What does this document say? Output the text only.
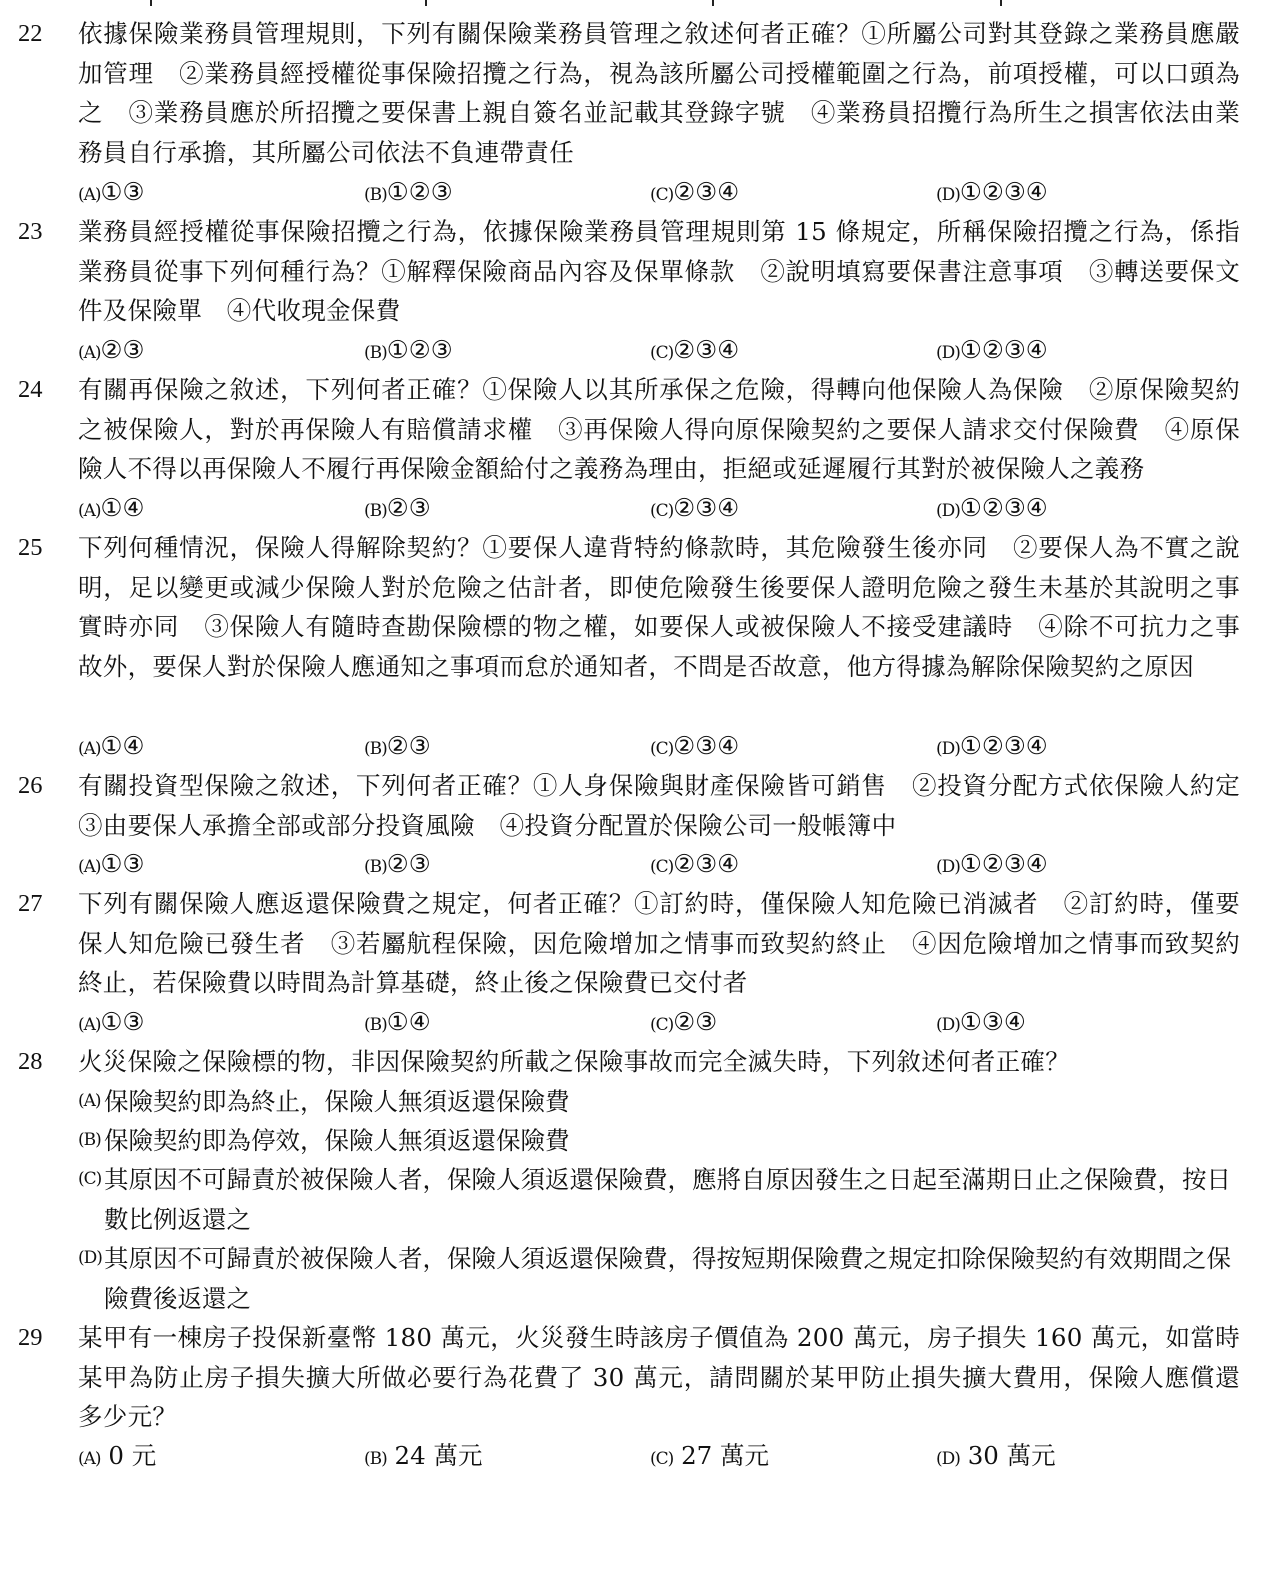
22	依據保險業務員管理規則，下列有關保險業務員管理之敘述何者正確？①所屬公司對其登錄之業務員應嚴加管理　②業務員經授權從事保險招攬之行為，視為該所屬公司授權範圍之行為，前項授權，可以口頭為之　③業務員應於所招攬之要保書上親自簽名並記載其登錄字號　④業務員招攬行為所生之損害依法由業務員自行承擔，其所屬公司依法不負連帶責任
(A)①③	(B)①②③	(C)②③④	(D)①②③④
23	業務員經授權從事保險招攬之行為，依據保險業務員管理規則第 15 條規定，所稱保險招攬之行為，係指業務員從事下列何種行為？①解釋保險商品內容及保單條款　②說明填寫要保書注意事項　③轉送要保文件及保險單　④代收現金保費
(A)②③	(B)①②③	(C)②③④	(D)①②③④
24	有關再保險之敘述，下列何者正確？①保險人以其所承保之危險，得轉向他保險人為保險　②原保險契約之被保險人，對於再保險人有賠償請求權　③再保險人得向原保險契約之要保人請求交付保險費　④原保險人不得以再保險人不履行再保險金額給付之義務為理由，拒絕或延遲履行其對於被保險人之義務
(A)①④	(B)②③	(C)②③④	(D)①②③④
25	下列何種情況，保險人得解除契約？①要保人違背特約條款時，其危險發生後亦同　②要保人為不實之說明，足以變更或減少保險人對於危險之估計者，即使危險發生後要保人證明危險之發生未基於其說明之事實時亦同　③保險人有隨時查勘保險標的物之權，如要保人或被保險人不接受建議時　④除不可抗力之事故外，要保人對於保險人應通知之事項而怠於通知者，不問是否故意，他方得據為解除保險契約之原因
(A)①④	(B)②③	(C)②③④	(D)①②③④
26	有關投資型保險之敘述，下列何者正確？①人身保險與財產保險皆可銷售　②投資分配方式依保險人約定　③由要保人承擔全部或部分投資風險　④投資分配置於保險公司一般帳簿中
(A)①③	(B)②③	(C)②③④	(D)①②③④
27	下列有關保險人應返還保險費之規定，何者正確？①訂約時，僅保險人知危險已消滅者　②訂約時，僅要保人知危險已發生者　③若屬航程保險，因危險增加之情事而致契約終止　④因危險增加之情事而致契約終止，若保險費以時間為計算基礎，終止後之保險費已交付者
(A)①③	(B)①④	(C)②③	(D)①③④
28	火災保險之保險標的物，非因保險契約所載之保險事故而完全滅失時，下列敘述何者正確？
(A) 保險契約即為終止，保險人無須返還保險費
(B) 保險契約即為停效，保險人無須返還保險費
(C) 其原因不可歸責於被保險人者，保險人須返還保險費，應將自原因發生之日起至滿期日止之保險費，按日數比例返還之
(D) 其原因不可歸責於被保險人者，保險人須返還保險費，得按短期保險費之規定扣除保險契約有效期間之保險費後返還之
29	某甲有一棟房子投保新臺幣 180 萬元，火災發生時該房子價值為 200 萬元，房子損失 160 萬元，如當時某甲為防止房子損失擴大所做必要行為花費了 30 萬元，請問關於某甲防止損失擴大費用，保險人應償還多少元？
(A) 0 元	(B) 24 萬元	(C) 27 萬元	(D) 30 萬元
